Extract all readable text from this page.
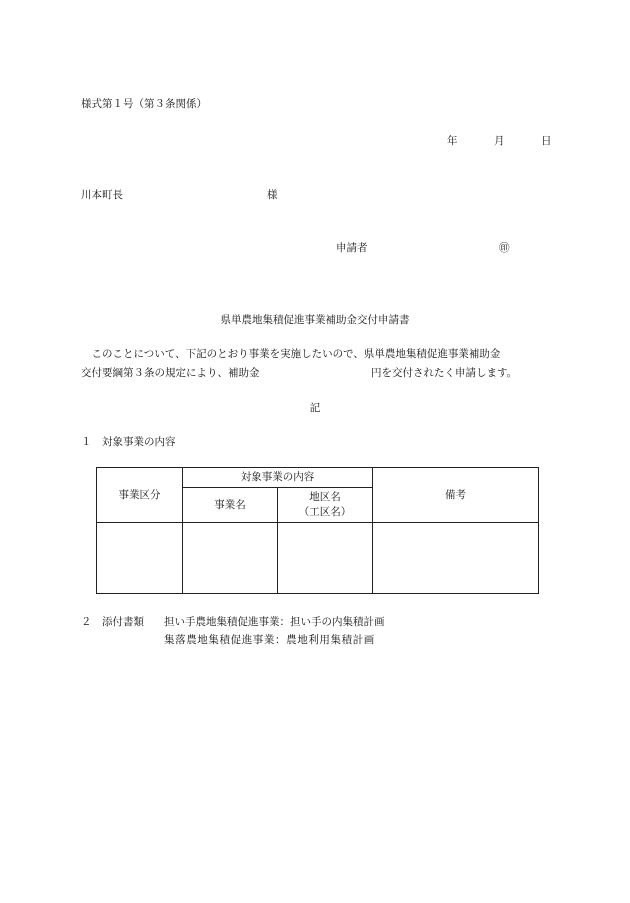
様式第１号（第３条関係）
年	月	日
川本町長	様
申請者	㊞
県単農地集積促進事業補助金交付申請書
　このことについて、下記のとおり事業を実施したいので、県単農地集積促進事業補助金
交付要綱第３条の規定により、補助金	円を交付されたく申請します。
記
１　対象事業の内容
事業区分	対象事業の内容		備考
	事業名	地区名
（工区名）	

２　添付書類 担い手農地集積促進事業：担い手の内集積計画
集落農地集積促進事業：農地利用集積計画
